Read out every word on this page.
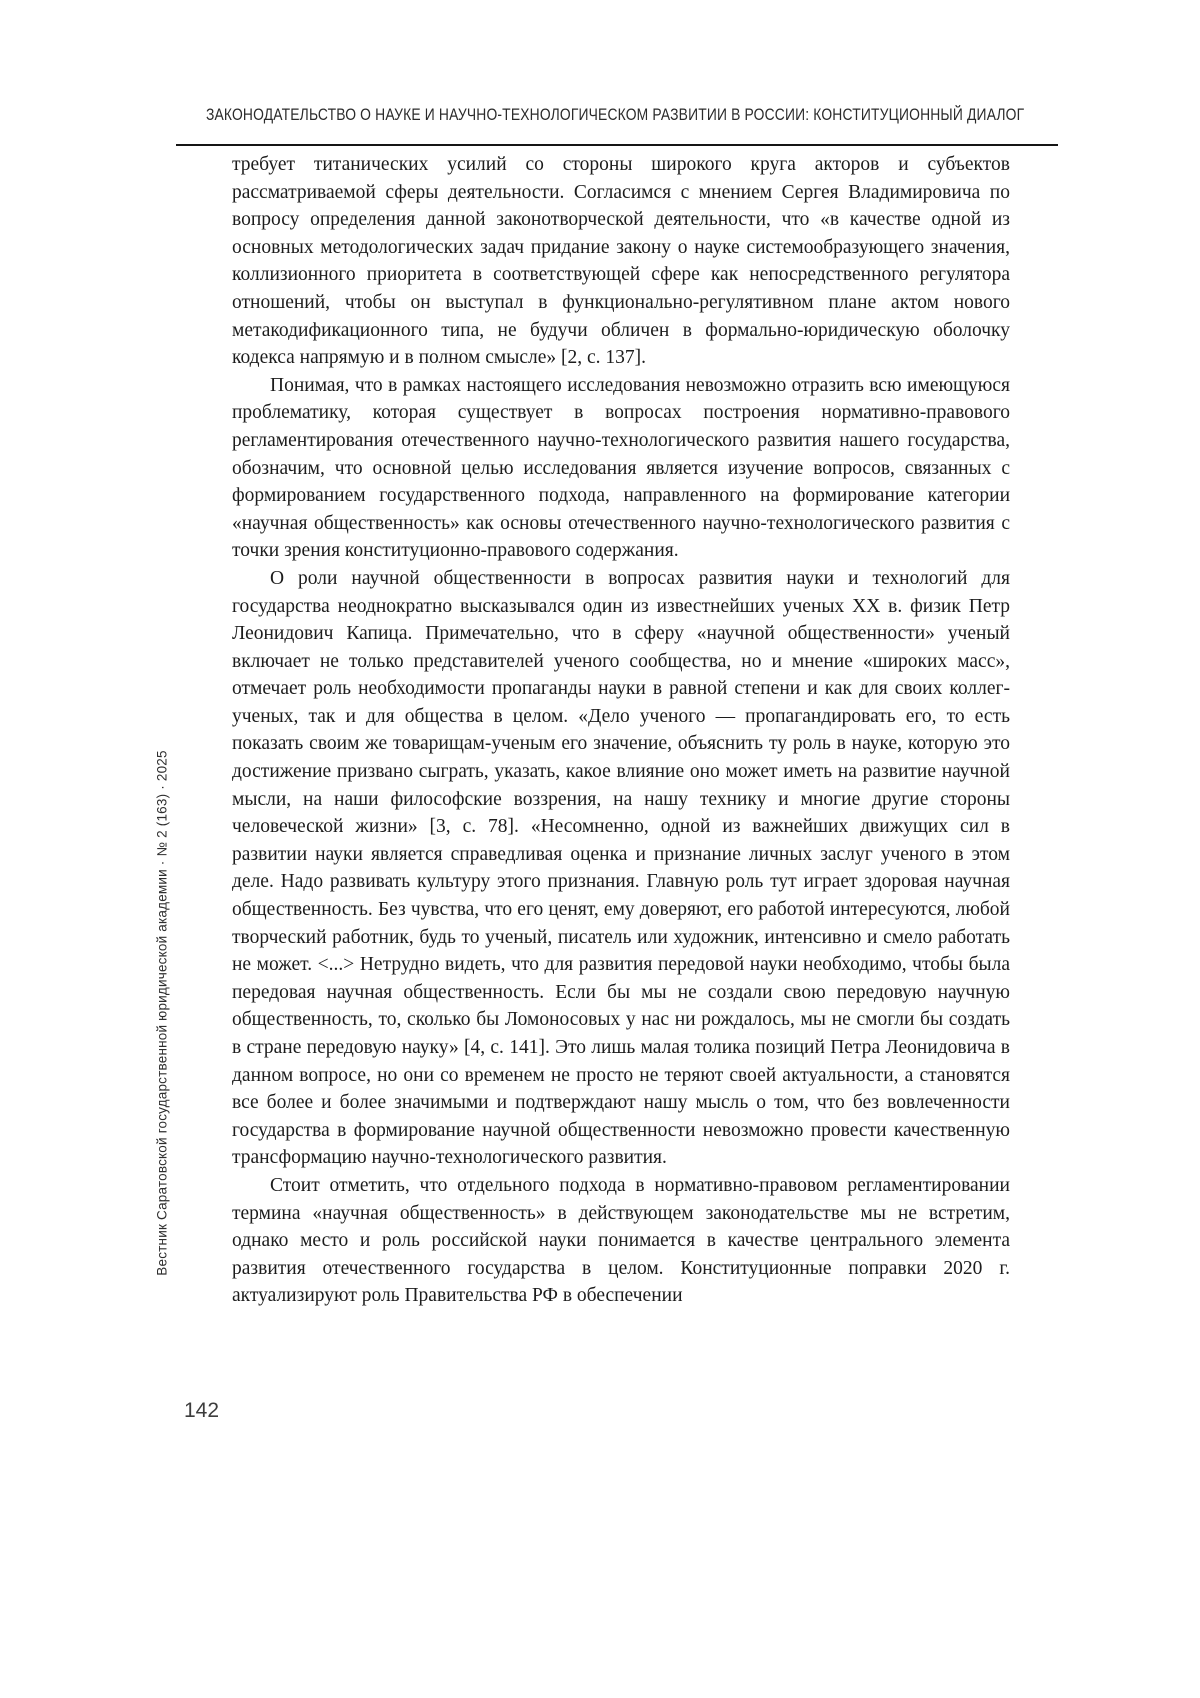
ЗАКОНОДАТЕЛЬСТВО О НАУКЕ И НАУЧНО-ТЕХНОЛОГИЧЕСКОМ РАЗВИТИИ В РОССИИ: КОНСТИТУЦИОННЫЙ ДИАЛОГ

требует титанических усилий со стороны широкого круга акторов и субъектов рассматриваемой сферы деятельности. Согласимся с мнением Сергея Владимировича по вопросу определения данной законотворческой деятельности, что «в качестве одной из основных методологических задач придание закону о науке системообразующего значения, коллизионного приоритета в соответствующей сфере как непосредственного регулятора отношений, чтобы он выступал в функционально-регулятивном плане актом нового метакодификационного типа, не будучи обличен в формально-юридическую оболочку кодекса напрямую и в полном смысле» [2, с. 137].

Понимая, что в рамках настоящего исследования невозможно отразить всю имеющуюся проблематику, которая существует в вопросах построения нормативно-правового регламентирования отечественного научно-технологического развития нашего государства, обозначим, что основной целью исследования является изучение вопросов, связанных с формированием государственного подхода, направленного на формирование категории «научная общественность» как основы отечественного научно-технологического развития с точки зрения конституционно-правового содержания.

О роли научной общественности в вопросах развития науки и технологий для государства неоднократно высказывался один из известнейших ученых XX в. физик Петр Леонидович Капица. Примечательно, что в сферу «научной общественности» ученый включает не только представителей ученого сообщества, но и мнение «широких масс», отмечает роль необходимости пропаганды науки в равной степени и как для своих коллег-ученых, так и для общества в целом. «Дело ученого — пропагандировать его, то есть показать своим же товарищам-ученым его значение, объяснить ту роль в науке, которую это достижение призвано сыграть, указать, какое влияние оно может иметь на развитие научной мысли, на наши философские воззрения, на нашу технику и многие другие стороны человеческой жизни» [3, с. 78]. «Несомненно, одной из важнейших движущих сил в развитии науки является справедливая оценка и признание личных заслуг ученого в этом деле. Надо развивать культуру этого признания. Главную роль тут играет здоровая научная общественность. Без чувства, что его ценят, ему доверяют, его работой интересуются, любой творческий работник, будь то ученый, писатель или художник, интенсивно и смело работать не может. <...> Нетрудно видеть, что для развития передовой науки необходимо, чтобы была передовая научная общественность. Если бы мы не создали свою передовую научную общественность, то, сколько бы Ломоносовых у нас ни рождалось, мы не смогли бы создать в стране передовую науку» [4, с. 141]. Это лишь малая толика позиций Петра Леонидовича в данном вопросе, но они со временем не просто не теряют своей актуальности, а становятся все более и более значимыми и подтверждают нашу мысль о том, что без вовлеченности государства в формирование научной общественности невозможно провести качественную трансформацию научно-технологического развития.

Стоит отметить, что отдельного подхода в нормативно-правовом регламентировании термина «научная общественность» в действующем законодательстве мы не встретим, однако место и роль российской науки понимается в качестве центрального элемента развития отечественного государства в целом. Конституционные поправки 2020 г. актуализируют роль Правительства РФ в обеспечении

Вестник Саратовской государственной юридической академии · № 2 (163) · 2025
142
